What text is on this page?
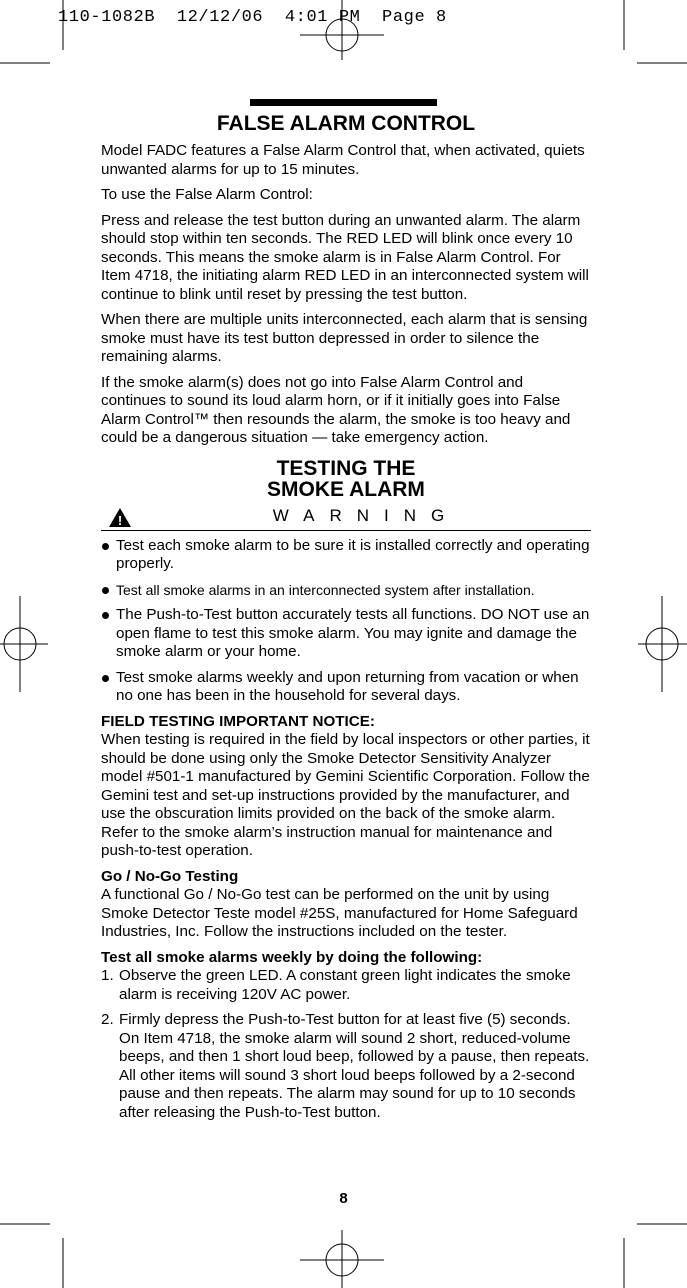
110-1082B  12/12/06  4:01 PM  Page 8
FALSE ALARM CONTROL

Model FADC features a False Alarm Control that, when activated, quiets unwanted alarms for up to 15 minutes.

To use the False Alarm Control:

Press and release the test button during an unwanted alarm. The alarm should stop within ten seconds. The RED LED will blink once every 10 seconds. This means the smoke alarm is in False Alarm Control. For Item 4718, the initiating alarm RED LED in an interconnected system will continue to blink until reset by pressing the test button.

When there are multiple units interconnected, each alarm that is sensing smoke must have its test button depressed in order to silence the remaining alarms.

If the smoke alarm(s) does not go into False Alarm Control and continues to sound its loud alarm horn, or if it initially goes into False Alarm Control™ then resounds the alarm, the smoke is too heavy and could be a dangerous situation — take emergency action.

TESTING THE
SMOKE ALARM
!	WARNING
Test each smoke alarm to be sure it is installed correctly and operating properly.
Test all smoke alarms in an interconnected system after installation.
The Push-to-Test button accurately tests all functions. DO NOT use an open flame to test this smoke alarm. You may ignite and damage the smoke alarm or your home.
Test smoke alarms weekly and upon returning from vacation or when no one has been in the household for several days.
FIELD TESTING IMPORTANT NOTICE:

When testing is required in the field by local inspectors or other parties, it should be done using only the Smoke Detector Sensitivity Analyzer model #501-1 manufactured by Gemini Scientific Corporation. Follow the Gemini test and set-up instructions provided by the manufacturer, and use the obscuration limits provided on the back of the smoke alarm. Refer to the smoke alarm’s instruction manual for maintenance and push-to-test operation.

Go / No-Go Testing

A functional Go / No-Go test can be performed on the unit by using Smoke Detector Teste model #25S, manufactured for Home Safeguard Industries, Inc. Follow the instructions included on the tester.

Test all smoke alarms weekly by doing the following:
1. Observe the green LED. A constant green light indicates the smoke alarm is receiving 120V AC power.
2. Firmly depress the Push-to-Test button for at least five (5) seconds. On Item 4718, the smoke alarm will sound 2 short, reduced-volume beeps, and then 1 short loud beep, followed by a pause, then repeats. All other items will sound 3 short loud beeps followed by a 2-second pause and then repeats. The alarm may sound for up to 10 seconds after releasing the Push-to-Test button.
8
